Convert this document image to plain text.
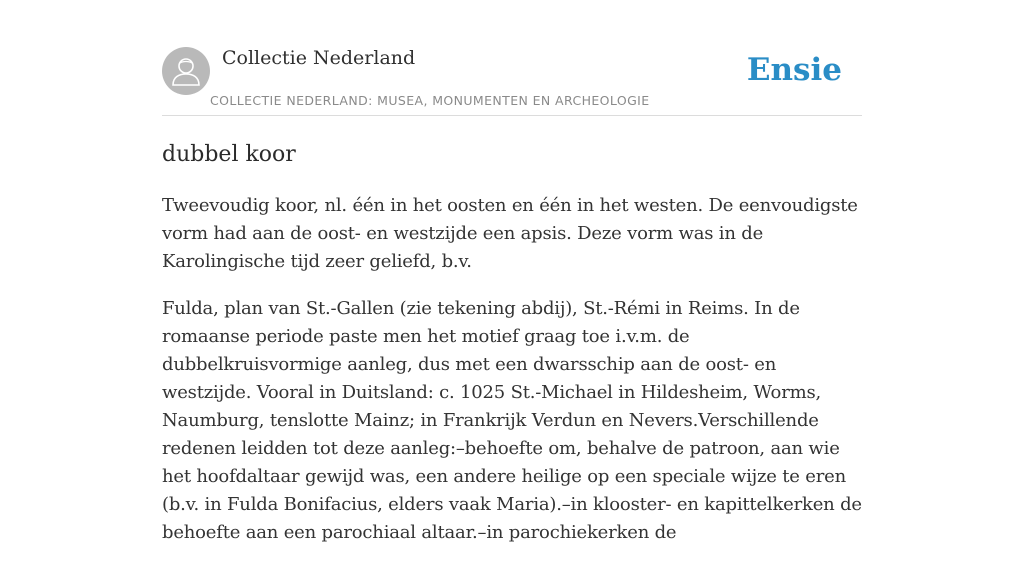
Collectie Nederland
COLLECTIE NEDERLAND: MUSEA, MONUMENTEN EN ARCHEOLOGIE
Ensie
dubbel koor

Tweevoudig koor, nl. één in het oosten en één in het westen. De eenvoudigste vorm had aan de oost- en westzijde een apsis. Deze vorm was in de Karolingische tijd zeer geliefd, b.v.

Fulda, plan van St.-Gallen (zie tekening abdij), St.-Rémi in Reims. In de romaanse periode paste men het motief graag toe i.v.m. de dubbelkruisvormige aanleg, dus met een dwarsschip aan de oost- en westzijde. Vooral in Duitsland: c. 1025 St.-Michael in Hildesheim, Worms, Naumburg, tenslotte Mainz; in Frankrijk Verdun en Nevers.Verschillende redenen leidden tot deze aanleg:–behoefte om, behalve de patroon, aan wie het hoofdaltaar gewijd was, een andere heilige op een speciale wijze te eren (b.v. in Fulda Bonifacius, elders vaak Maria).–in klooster- en kapittelkerken de behoefte aan een parochiaal altaar.–in parochiekerken de
